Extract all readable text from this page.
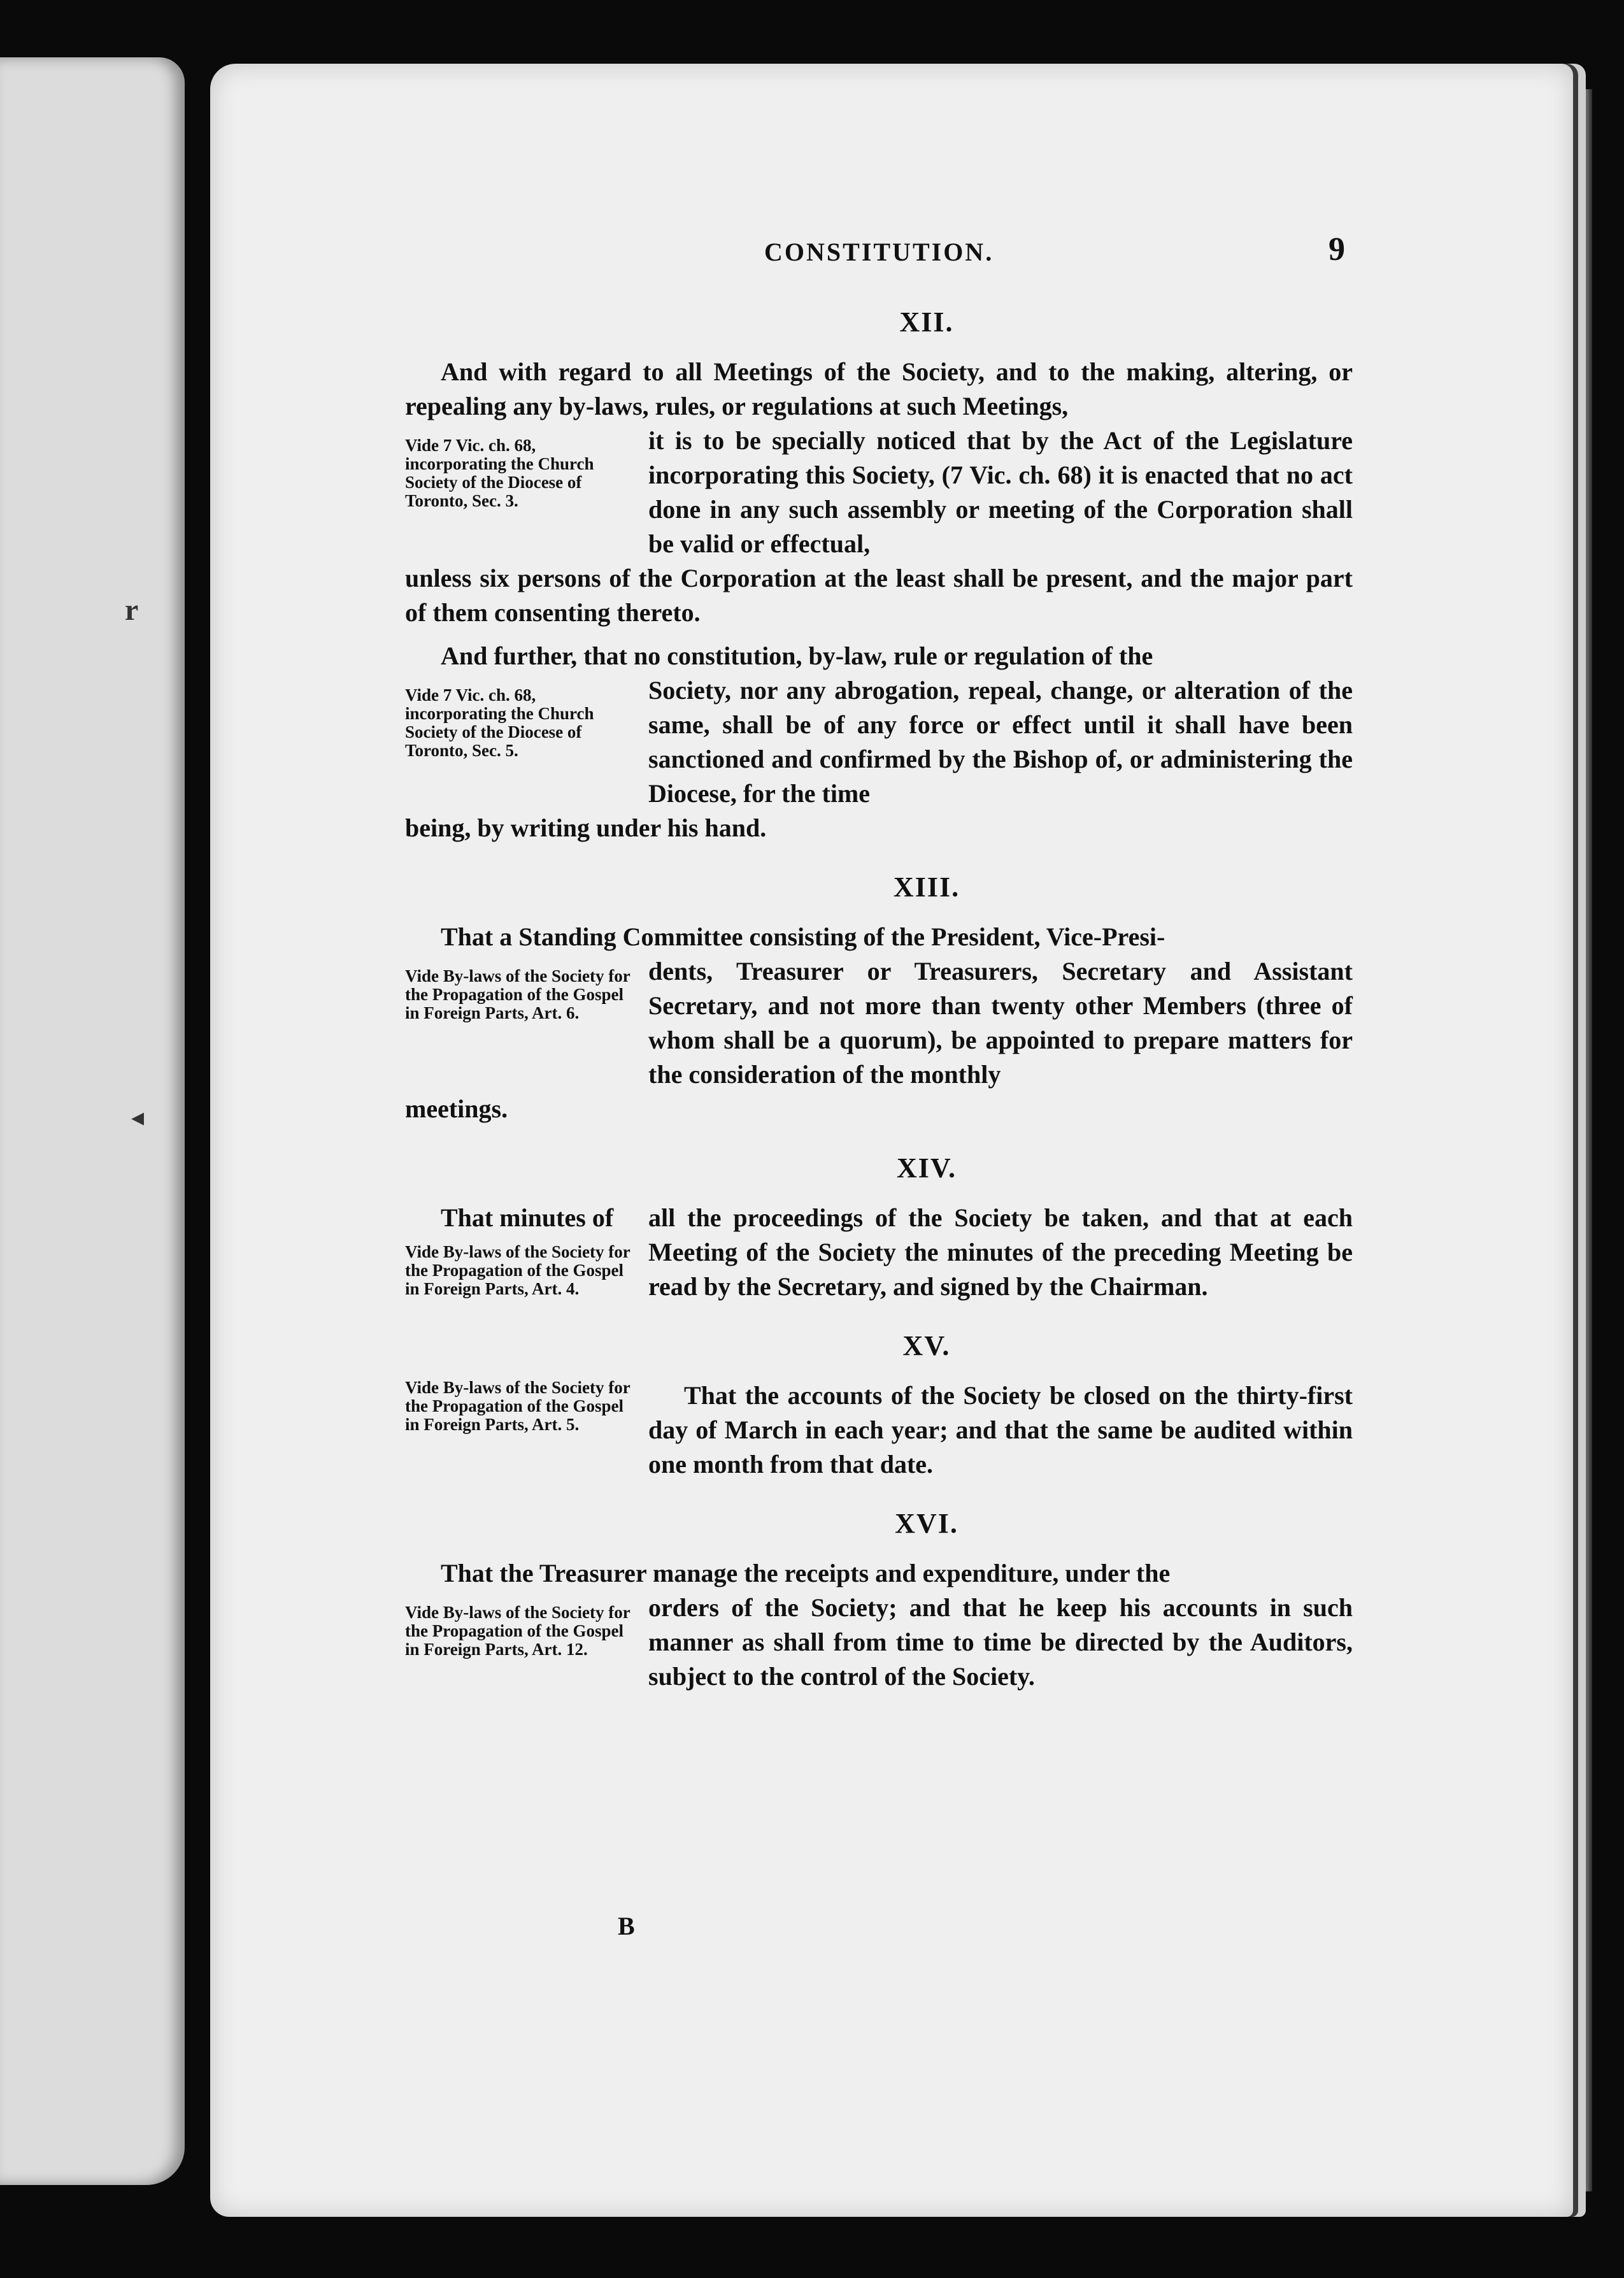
r
◂
CONSTITUTION.	9
XII.

And with regard to all Meetings of the Society, and to the making, altering, or repealing any by-laws, rules, or regulations at such Meetings,

Vide 7 Vic. ch. 68, incorporating the Church Society of the Diocese of Toronto, Sec. 3.

it is to be specially noticed that by the Act of the Legislature incorporating this Society, (7 Vic. ch. 68) it is enacted that no act done in any such assembly or meeting of the Corporation shall be valid or effectual,

unless six persons of the Corporation at the least shall be present, and the major part of them consenting thereto.

And further, that no constitution, by-law, rule or regulation of the

Vide 7 Vic. ch. 68, incorporating the Church Society of the Diocese of Toronto, Sec. 5.

Society, nor any abrogation, repeal, change, or alteration of the same, shall be of any force or effect until it shall have been sanctioned and confirmed by the Bishop of, or administering the Diocese, for the time

being, by writing under his hand.

XIII.

That a Standing Committee consisting of the President, Vice-Presi-

Vide By-laws of the Society for the Propagation of the Gospel in Foreign Parts, Art. 6.

dents, Treasurer or Treasurers, Secretary and Assistant Secretary, and not more than twenty other Members (three of whom shall be a quorum), be appointed to prepare matters for the consideration of the monthly

meetings.

XIV.
That minutes of
Vide By-laws of the Society for the Propagation of the Gospel in Foreign Parts, Art. 4.

all the proceedings of the Society be taken, and that at each Meeting of the Society the minutes of the preceding Meeting be read by the Secretary, and signed by the Chairman.

XV.
Vide By-laws of the Society for the Propagation of the Gospel in Foreign Parts, Art. 5.

That the accounts of the Society be closed on the thirty-first day of March in each year; and that the same be audited within one month from that date.

XVI.

That the Treasurer manage the receipts and expenditure, under the

Vide By-laws of the Society for the Propagation of the Gospel in Foreign Parts, Art. 12.

orders of the Society; and that he keep his accounts in such manner as shall from time to time be directed by the Auditors, subject to the control of the Society.

B
